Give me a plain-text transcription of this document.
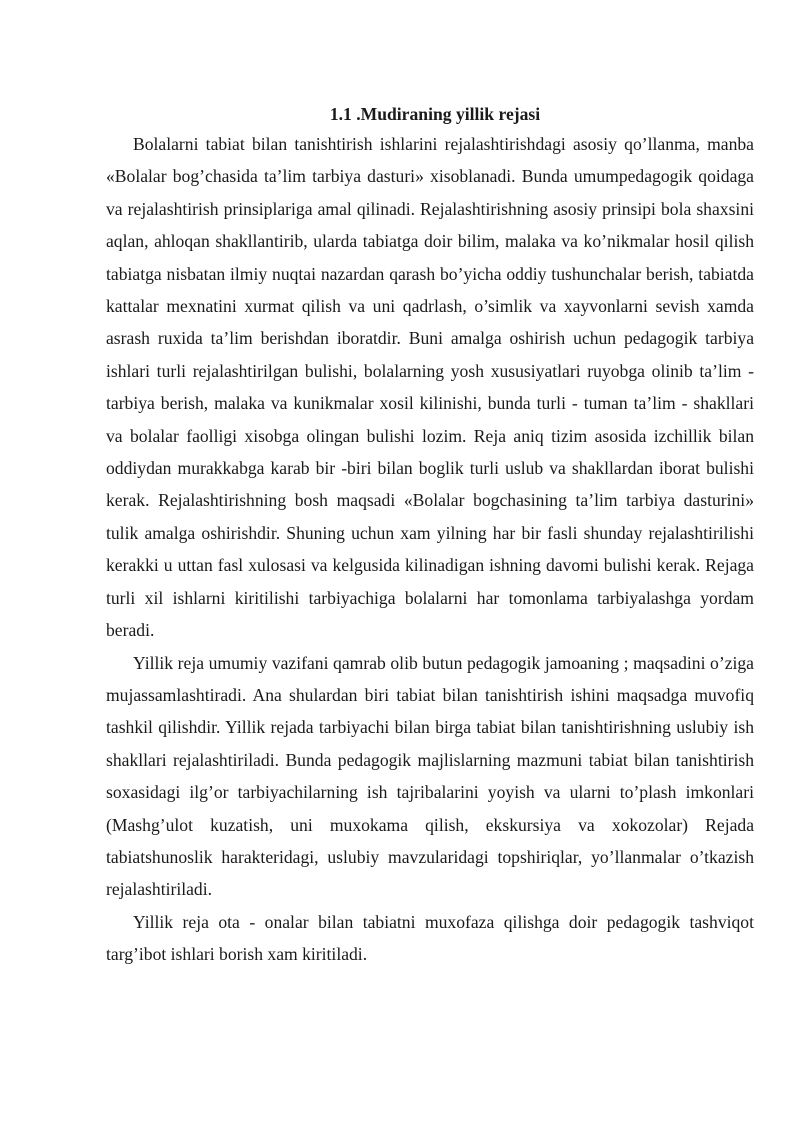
1.1 .Mudiraning yillik rejasi

Bolalarni tabiat bilan tanishtirish ishlarini rejalashtirishdagi asosiy qo’llanma, manba «Bolalar bog’chasida ta’lim tarbiya dasturi» xisoblanadi. Bunda umumpedagogik qoidaga va rejalashtirish prinsiplariga amal qilinadi. Rejalashtirishning asosiy prinsipi bola shaxsini aqlan, ahloqan shakllantirib, ularda tabiatga doir bilim, malaka va ko’nikmalar hosil qilish tabiatga nisbatan ilmiy nuqtai nazardan qarash bo’yicha oddiy tushunchalar berish, tabiatda kattalar mexnatini xurmat qilish va uni qadrlash, o’simlik va xayvonlarni sevish xamda asrash ruxida ta’lim berishdan iboratdir. Buni amalga oshirish uchun pedagogik tarbiya ishlari turli rejalashtirilgan bulishi, bolalarning yosh xususiyatlari ruyobga olinib ta’lim - tarbiya berish, malaka va kunikmalar xosil kilinishi, bunda turli - tuman ta’lim - shakllari va bolalar faolligi xisobga olingan bulishi lozim. Reja aniq tizim asosida izchillik bilan oddiydan murakkabga karab bir -biri bilan boglik turli uslub va shakllardan iborat bulishi kerak. Rejalashtirishning bosh maqsadi «Bolalar bogchasining ta’lim tarbiya dasturini» tulik amalga oshirishdir. Shuning uchun xam yilning har bir fasli shunday rejalashtirilishi kerakki u uttan fasl xulosasi va kelgusida kilinadigan ishning davomi bulishi kerak. Rejaga turli xil ishlarni kiritilishi tarbiyachiga bolalarni har tomonlama tarbiyalashga yordam beradi.

Yillik reja umumiy vazifani qamrab olib butun pedagogik jamoaning ; maqsadini o’ziga mujassamlashtiradi. Ana shulardan biri tabiat bilan tanishtirish ishini maqsadga muvofiq tashkil qilishdir. Yillik rejada tarbiyachi bilan birga tabiat bilan tanishtirishning uslubiy ish shakllari rejalashtiriladi. Bunda pedagogik majlislarning mazmuni tabiat bilan tanishtirish soxasidagi ilg’or tarbiyachilarning ish tajribalarini yoyish va ularni to’plash imkonlari (Mashg’ulot kuzatish, uni muxokama qilish, ekskursiya va xokozolar) Rejada tabiatshunoslik harakteridagi, uslubiy mavzularidagi topshiriqlar, yo’llanmalar o’tkazish rejalashtiriladi.

Yillik reja ota - onalar bilan tabiatni muxofaza qilishga doir pedagogik tashviqot targ’ibot ishlari borish xam kiritiladi.
